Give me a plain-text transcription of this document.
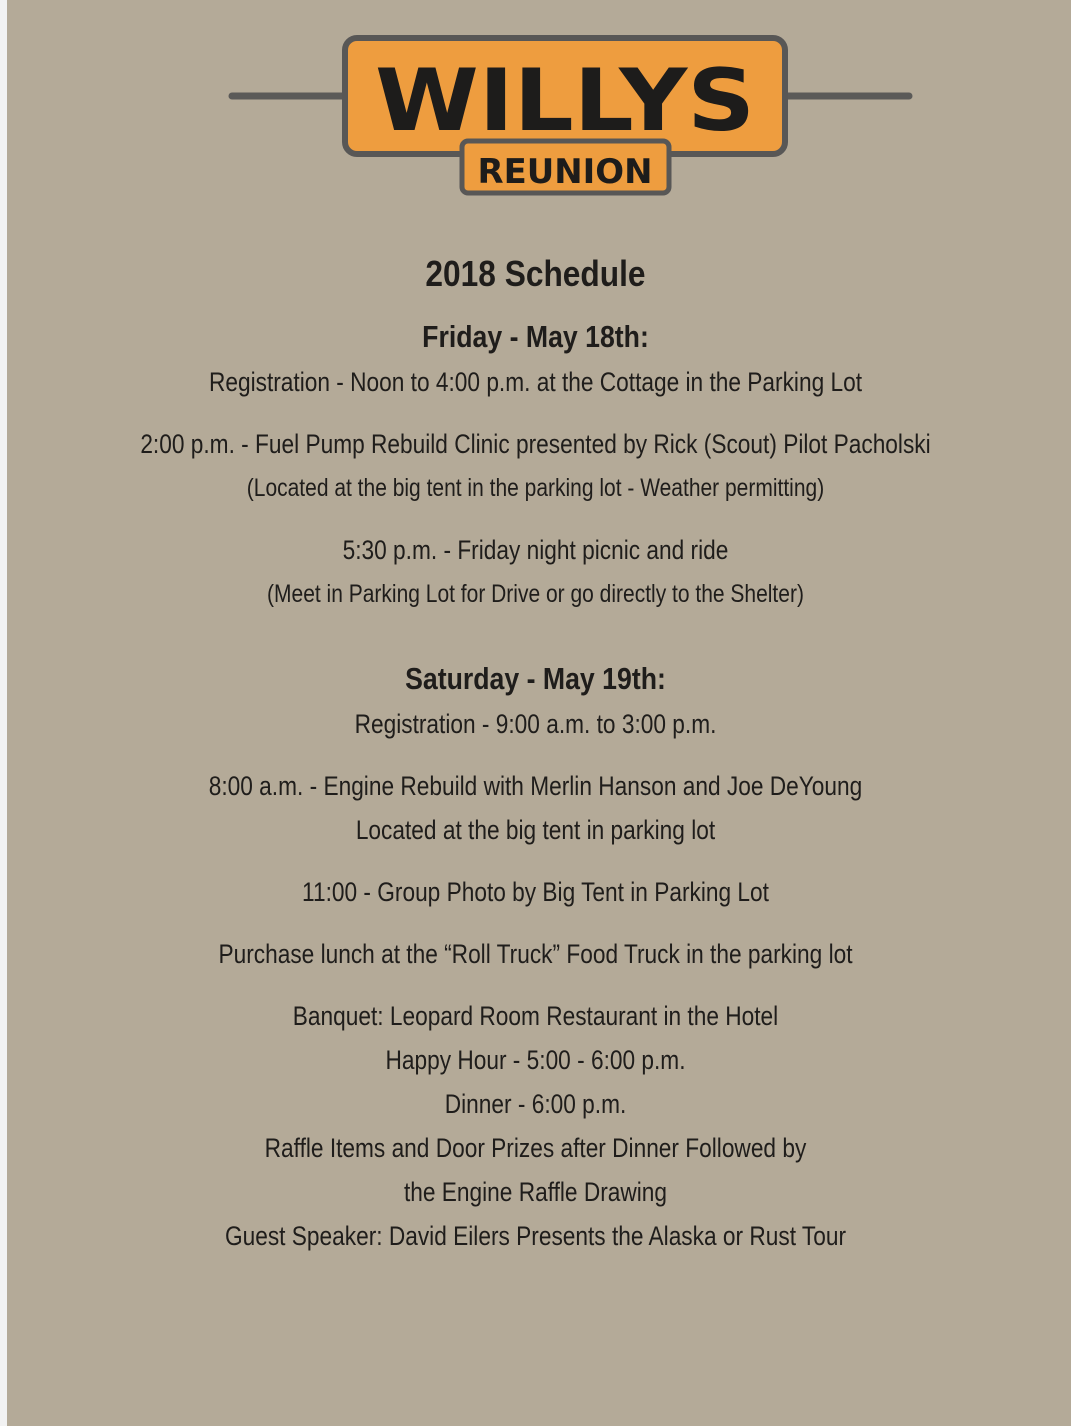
WILLYS
REUNION
2018 Schedule
Friday - May 18th:
Registration - Noon to 4:00 p.m. at the Cottage in the Parking Lot
2:00 p.m. - Fuel Pump Rebuild Clinic presented by Rick (Scout) Pilot Pacholski
(Located at the big tent in the parking lot - Weather permitting)
5:30 p.m. - Friday night picnic and ride
(Meet in Parking Lot for Drive or go directly to the Shelter)
Saturday - May 19th:
Registration - 9:00 a.m. to 3:00 p.m.
8:00 a.m. - Engine Rebuild with Merlin Hanson and Joe DeYoung
Located at the big tent in parking lot
11:00 - Group Photo by Big Tent in Parking Lot
Purchase lunch at the “Roll Truck” Food Truck in the parking lot
Banquet: Leopard Room Restaurant in the Hotel
Happy Hour - 5:00 - 6:00 p.m.
Dinner - 6:00 p.m.
Raffle Items and Door Prizes after Dinner Followed by
the Engine Raffle Drawing
Guest Speaker: David Eilers Presents the Alaska or Rust Tour
